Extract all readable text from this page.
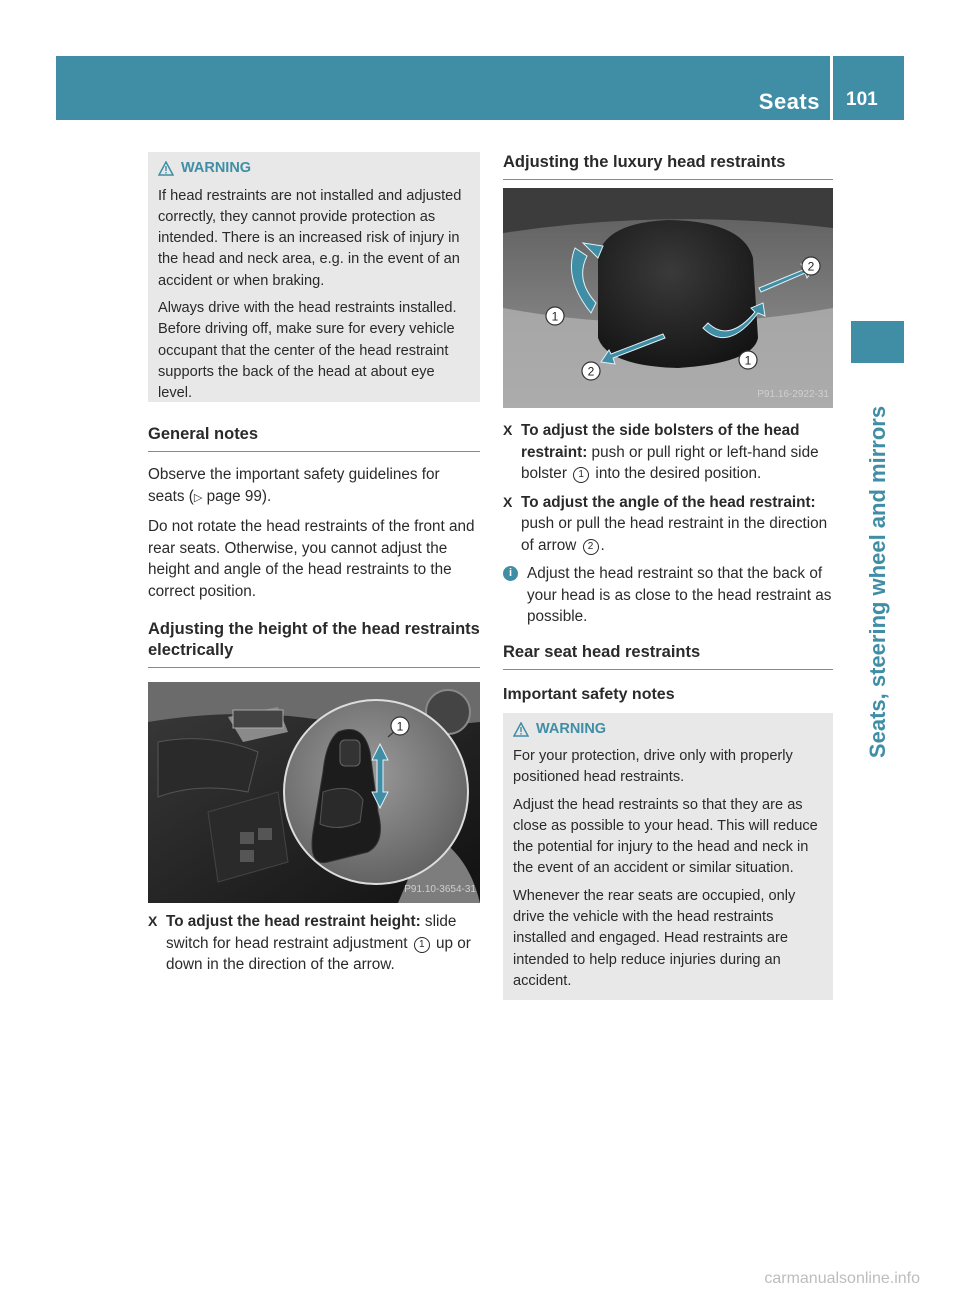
Seats 101
Seats, steering wheel and mirrors
WARNING

If head restraints are not installed and adjusted correctly, they cannot provide protection as intended. There is an increased risk of injury in the head and neck area, e.g. in the event of an accident or when braking.

Always drive with the head restraints installed. Before driving off, make sure for every vehicle occupant that the center of the head restraint supports the back of the head at about eye level.

General notes

Observe the important safety guidelines for seats (▷ page 99).

Do not rotate the head restraints of the front and rear seats. Otherwise, you cannot adjust the height and angle of the head restraints to the correct position.

Adjusting the height of the head restraints electrically
1
P91.10-3654-31
X To adjust the head restraint height: slide switch for head restraint adjustment 1 up or down in the direction of the arrow.
Adjusting the luxury head restraints
1
1
2
2
P91.16-2922-31
X To adjust the side bolsters of the head restraint: push or pull right or left-hand side bolster 1 into the desired position.
X To adjust the angle of the head restraint: push or pull the head restraint in the direction of arrow 2 .
i Adjust the head restraint so that the back of your head is as close to the head restraint as possible.
Rear seat head restraints
Important safety notes
WARNING

For your protection, drive only with properly positioned head restraints.

Adjust the head restraints so that they are as close as possible to your head. This will reduce the potential for injury to the head and neck in the event of an accident or similar situation.

Whenever the rear seats are occupied, only drive the vehicle with the head restraints installed and engaged. Head restraints are intended to help reduce injuries during an accident.

carmanualsonline.info
